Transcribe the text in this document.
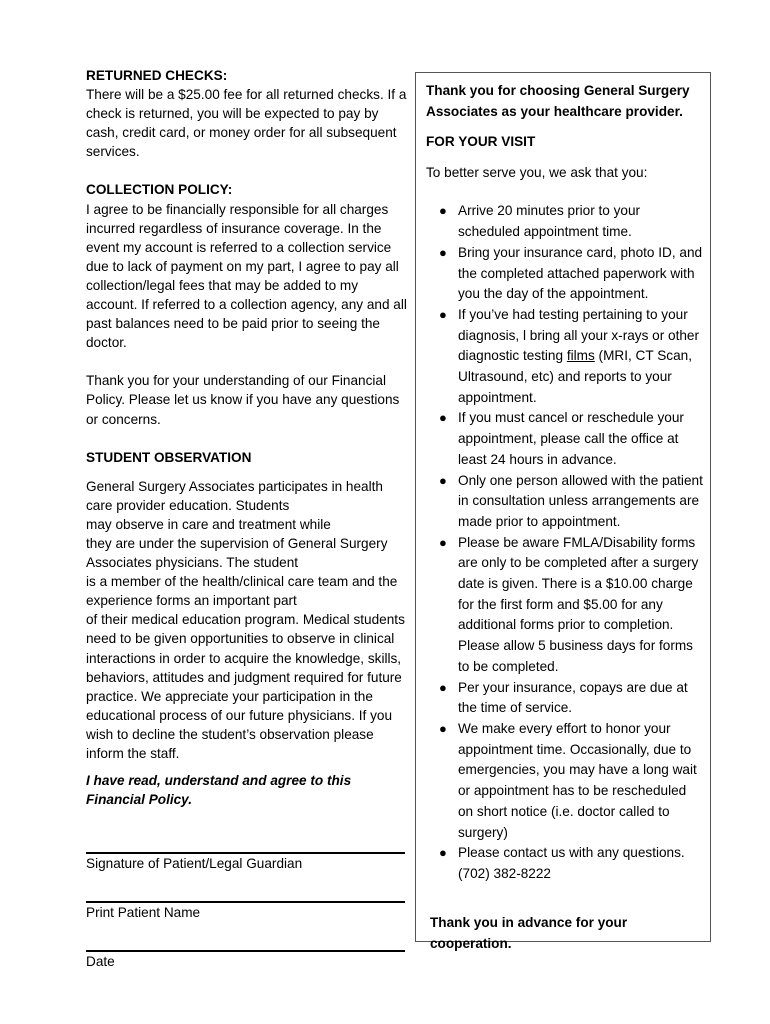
RETURNED CHECKS:
There will be a $25.00 fee for all returned checks. If a check is returned, you will be expected to pay by cash, credit card, or money order for all subsequent services.

COLLECTION POLICY:
I agree to be financially responsible for all charges incurred regardless of insurance coverage. In the event my account is referred to a collection service due to lack of payment on my part, I agree to pay all collection/legal fees that may be added to my account. If referred to a collection agency, any and all past balances need to be paid prior to seeing the doctor.

Thank you for your understanding of our Financial Policy. Please let us know if you have any questions or concerns.

STUDENT OBSERVATION

General Surgery Associates participates in health care provider education. Students
may observe in care and treatment while
they are under the supervision of General Surgery Associates physicians. The student
is a member of the health/clinical care team and the experience forms an important part
of their medical education program. Medical students need to be given opportunities to observe in clinical interactions in order to acquire the knowledge, skills, behaviors, attitudes and judgment required for future practice. We appreciate your participation in the educational process of our future physicians. If you wish to decline the student’s observation please inform the staff.

I have read, understand and agree to this Financial Policy.

Signature of Patient/Legal Guardian
Print Patient Name
Date

Thank you for choosing General Surgery Associates as your healthcare provider.

FOR YOUR VISIT

To better serve you, we ask that you:

● Arrive 20 minutes prior to your scheduled appointment time.
● Bring your insurance card, photo ID, and the completed attached paperwork with you the day of the appointment.
● If you’ve had testing pertaining to your diagnosis, l bring all your x-rays or other diagnostic testing films (MRI, CT Scan, Ultrasound, etc) and reports to your appointment.
● If you must cancel or reschedule your appointment, please call the office at least 24 hours in advance.
● Only one person allowed with the patient in consultation unless arrangements are made prior to appointment.
● Please be aware FMLA/Disability forms are only to be completed after a surgery date is given. There is a $10.00 charge for the first form and $5.00 for any additional forms prior to completion. Please allow 5 business days for forms to be completed.
● Per your insurance, copays are due at the time of service.
● We make every effort to honor your appointment time. Occasionally, due to emergencies, you may have a long wait or appointment has to be rescheduled on short notice (i.e. doctor called to surgery)
● Please contact us with any questions.
(702) 382-8222

Thank you in advance for your cooperation.
